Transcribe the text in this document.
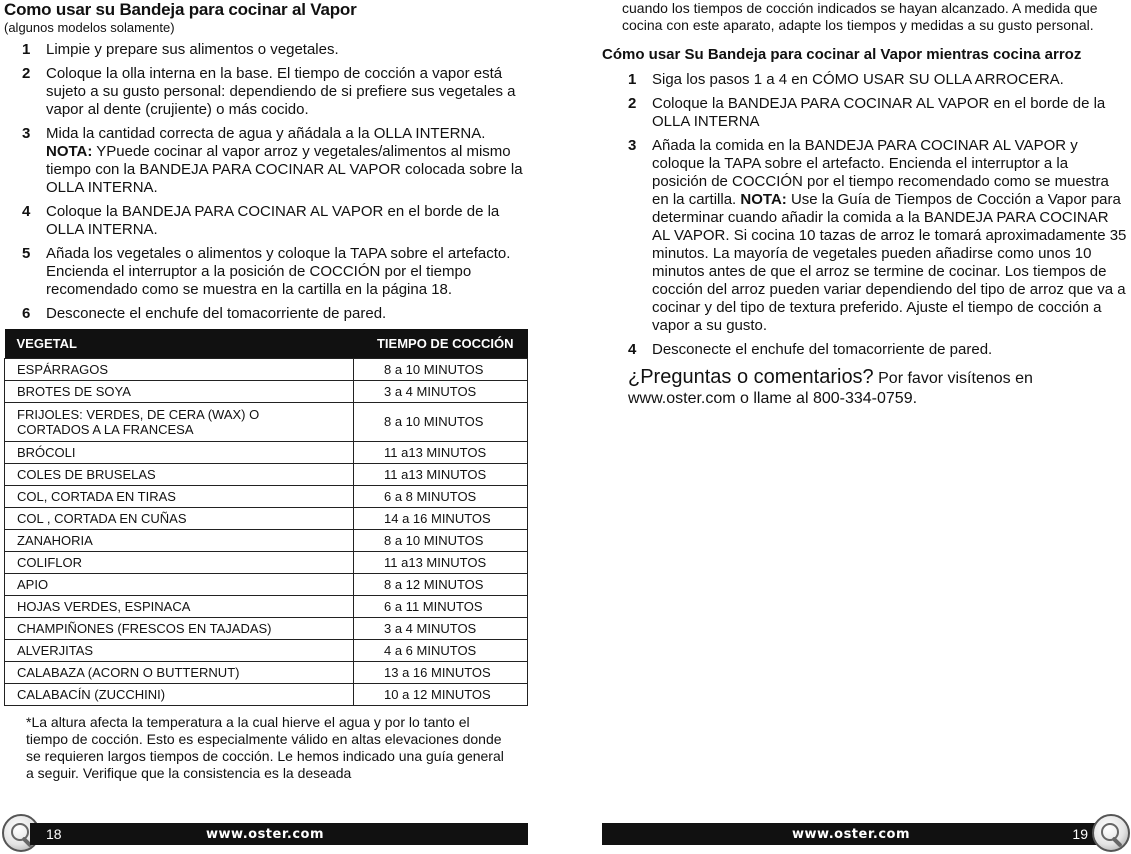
Como usar su Bandeja para cocinar al Vapor
(algunos modelos solamente)
1	Limpie y prepare sus alimentos o vegetales.
2	Coloque la olla interna en la base. El tiempo de cocción a vapor está sujeto a su gusto personal: dependiendo de si prefiere sus vegetales a vapor al dente (crujiente) o más cocido.
3	Mida la cantidad correcta de agua y añádala a la OLLA INTERNA.
NOTA: YPuede cocinar al vapor arroz y vegetales/alimentos al mismo tiempo con la BANDEJA PARA COCINAR AL VAPOR colocada sobre la OLLA INTERNA.
4	Coloque la BANDEJA PARA COCINAR AL VAPOR en el borde de la OLLA INTERNA.
5	Añada los vegetales o alimentos y coloque la TAPA sobre el artefacto. Encienda el interruptor a la posición de COCCIÓN por el tiempo recomendado como se muestra en la cartilla en la página 18.
6	Desconecte el enchufe del tomacorriente de pared.
VEGETAL	TIEMPO DE COCCIÓN
ESPÁRRAGOS	8 a 10 MINUTOS
BROTES DE SOYA	3 a 4 MINUTOS
FRIJOLES: VERDES, DE CERA (WAX) O CORTADOS A LA FRANCESA	8 a 10 MINUTOS
BRÓCOLI	11 a13 MINUTOS
COLES DE BRUSELAS	11 a13 MINUTOS
COL, CORTADA EN TIRAS	6 a 8 MINUTOS
COL , CORTADA EN CUÑAS	14 a 16 MINUTOS
ZANAHORIA	8 a 10 MINUTOS
COLIFLOR	11 a13 MINUTOS
APIO	8 a 12 MINUTOS
HOJAS VERDES, ESPINACA	6 a 11 MINUTOS
CHAMPIÑONES (FRESCOS EN TAJADAS)	3 a 4 MINUTOS
ALVERJITAS	4 a 6 MINUTOS
CALABAZA (ACORN O BUTTERNUT)	13 a 16 MINUTOS
CALABACÍN (ZUCCHINI)	10 a 12 MINUTOS

*La altura afecta la temperatura a la cual hierve el agua y por lo tanto el tiempo de cocción. Esto es especialmente válido en altas elevaciones donde se requieren largos tiempos de cocción. Le hemos indicado una guía general a seguir. Verifique que la consistencia es la deseada

cuando los tiempos de cocción indicados se hayan alcanzado. A medida que cocina con este aparato, adapte los tiempos y medidas a su gusto personal.

Cómo usar Su Bandeja para cocinar al Vapor mientras cocina arroz
1	Siga los pasos 1 a 4 en CÓMO USAR SU OLLA ARROCERA.
2	Coloque la BANDEJA PARA COCINAR AL VAPOR en el borde de la OLLA INTERNA
3	Añada la comida en la BANDEJA PARA COCINAR AL VAPOR y coloque la TAPA sobre el artefacto. Encienda el interruptor a la posición de COCCIÓN por el tiempo recomendado como se muestra en la cartilla. NOTA: Use la Guía de Tiempos de Cocción a Vapor para determinar cuando añadir la comida a la BANDEJA PARA COCINAR AL VAPOR. Si cocina 10 tazas de arroz le tomará aproximadamente 35 minutos. La mayoría de vegetales pueden añadirse como unos 10 minutos antes de que el arroz se termine de cocinar. Los tiempos de cocción del arroz pueden variar dependiendo del tipo de arroz que va a cocinar y del tipo de textura preferido. Ajuste el tiempo de cocción a vapor a su gusto.
4	Desconecte el enchufe del tomacorriente de pared.

¿Preguntas o comentarios? Por favor visítenos en www.oster.com o llame al 800-334-0759.

18	www.oster.com	www.oster.com	19
